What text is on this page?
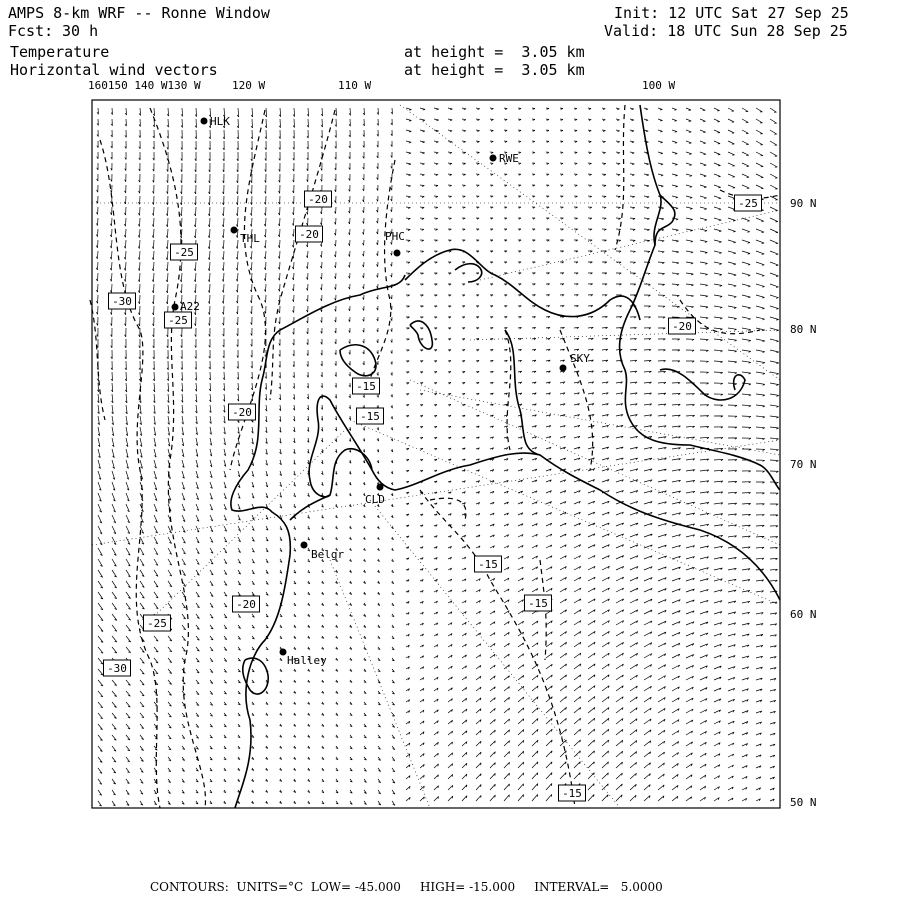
AMPS 8-km WRF -- Ronne Window
Fcst: 30 h
Init: 12 UTC Sat 27 Sep 25
Valid: 18 UTC Sun 28 Sep 25
Temperature	at height =  3.05 km
Horizontal wind vectors	at height =  3.05 km
160150 140 W130 W	120 W	110 W	100 W
90 N
80 N
70 N
60 N
50 N
-20
-20
-25
-30
-25
-20
-15
-15
-15
-15
-20
-25
-30
-15
-25
-20
HLK
RWE
THL	PHC
A22
SKY
CLD
Belgr
Halley
CONTOURS:  UNITS=°C  LOW= -45.000     HIGH= -15.000     INTERVAL=   5.0000
